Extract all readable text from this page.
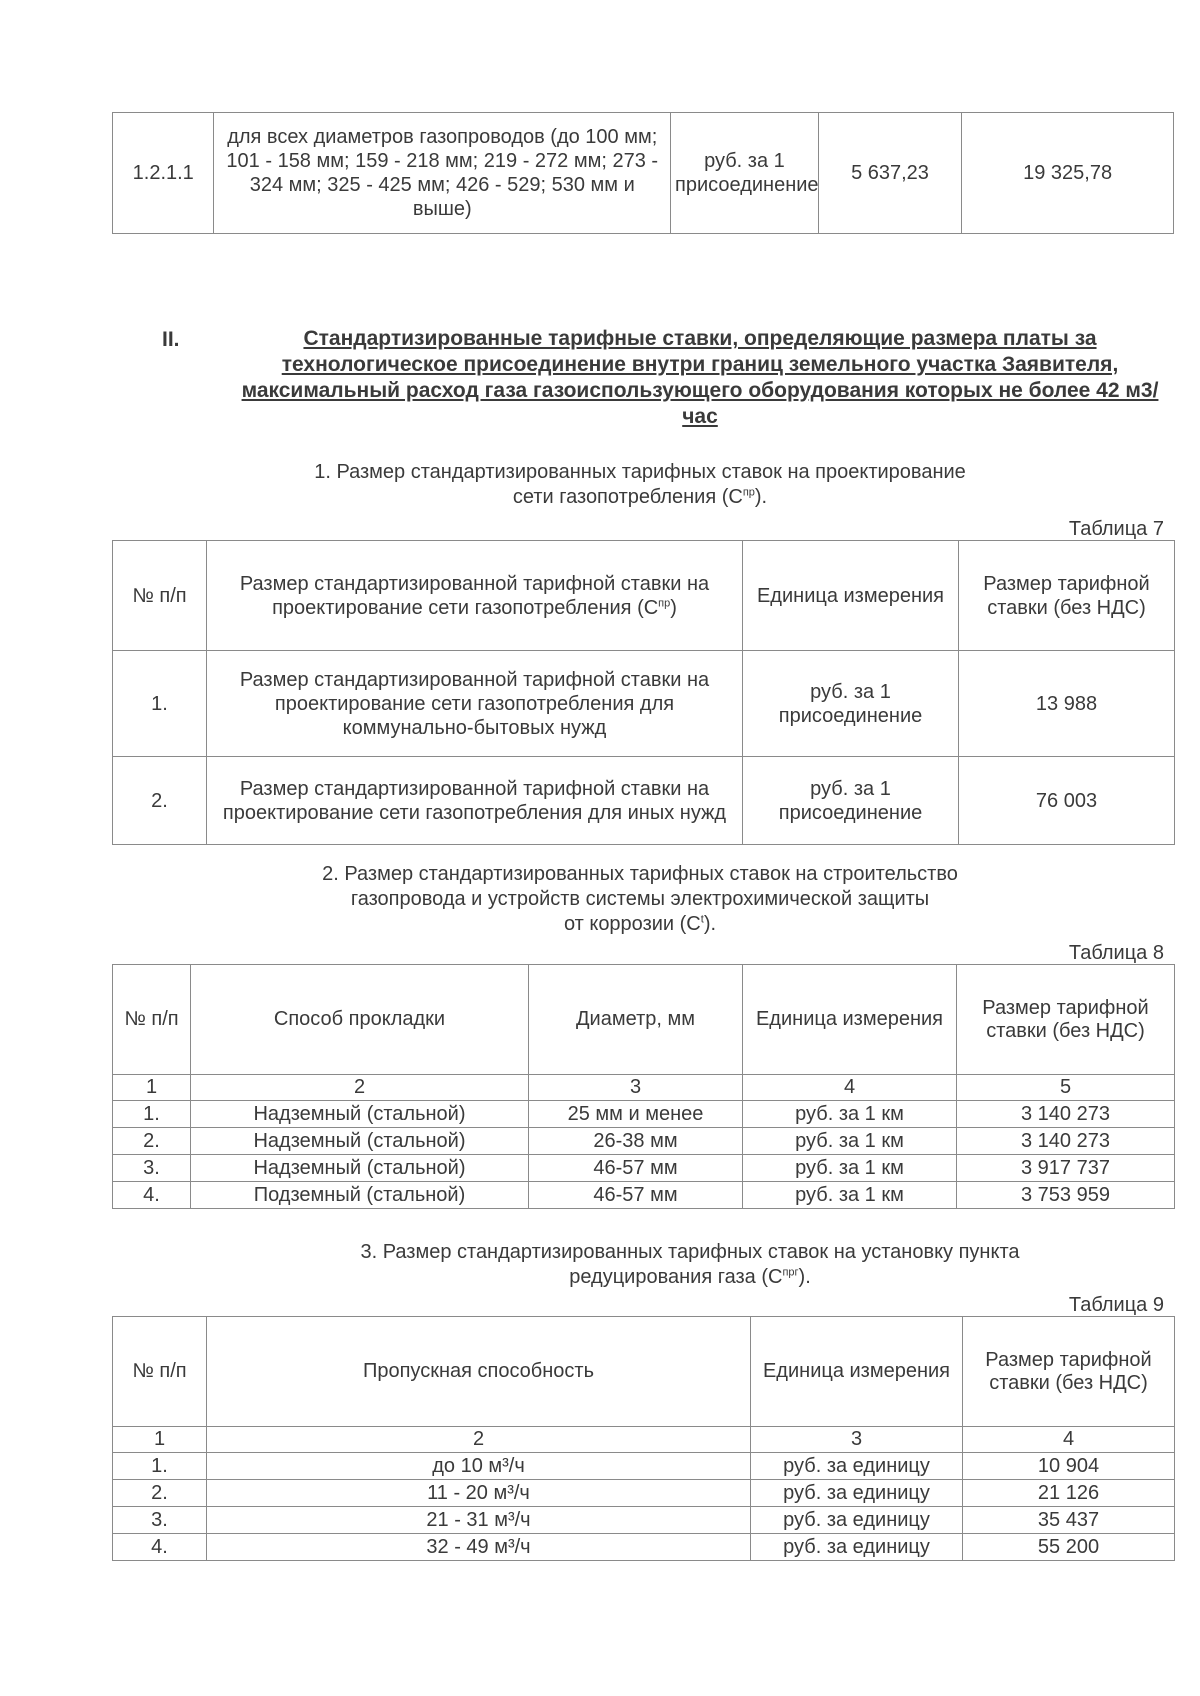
1.2.1.1	для всех диаметров газопроводов (до 100 мм; 101 - 158 мм; 159 - 218 мм; 219 - 272 мм; 273 - 324 мм; 325 - 425 мм; 426 - 529; 530 мм и выше)	руб. за 1 присоединение	5 637,23	19 325,78
II.	Стандартизированные тарифные ставки, определяющие размера платы за технологическое присоединение внутри границ земельного участка Заявителя, максимальный расход газа газоиспользующего оборудования которых не более 42 м3/час
1. Размер стандартизированных тарифных ставок на проектирование
сети газопотребления $(С^{пр})$.
Таблица 7
№ п/п	Размер стандартизированной тарифной ставки на проектирование сети газопотребления $(С^{пр})$	Единица измерения	Размер тарифной ставки (без НДС)
1.	Размер стандартизированной тарифной ставки на проектирование сети газопотребления для коммунально-бытовых нужд	руб. за 1 присоединение	13 988
2.	Размер стандартизированной тарифной ставки на проектирование сети газопотребления для иных нужд	руб. за 1 присоединение	76 003
2. Размер стандартизированных тарифных ставок на строительство
газопровода и устройств системы электрохимической защиты
от коррозии $(С^t)$.
Таблица 8
№ п/п	Способ прокладки	Диаметр, мм	Единица измерения	Размер тарифной ставки (без НДС)
1	2	3	4	5
1.	Надземный (стальной)	25 мм и менее	руб. за 1 км	3 140 273
2.	Надземный (стальной)	26-38 мм	руб. за 1 км	3 140 273
3.	Надземный (стальной)	46-57 мм	руб. за 1 км	3 917 737
4.	Подземный (стальной)	46-57 мм	руб. за 1 км	3 753 959
3. Размер стандартизированных тарифных ставок на установку пункта
редуцирования газа $(С^{прг})$.
Таблица 9
№ п/п	Пропускная способность	Единица измерения	Размер тарифной ставки (без НДС)
1	2	3	4
1.	до 10 м³/ч	руб. за единицу	10 904
2.	11 - 20 м³/ч	руб. за единицу	21 126
3.	21 - 31 м³/ч	руб. за единицу	35 437
4.	32 - 49 м³/ч	руб. за единицу	55 200
